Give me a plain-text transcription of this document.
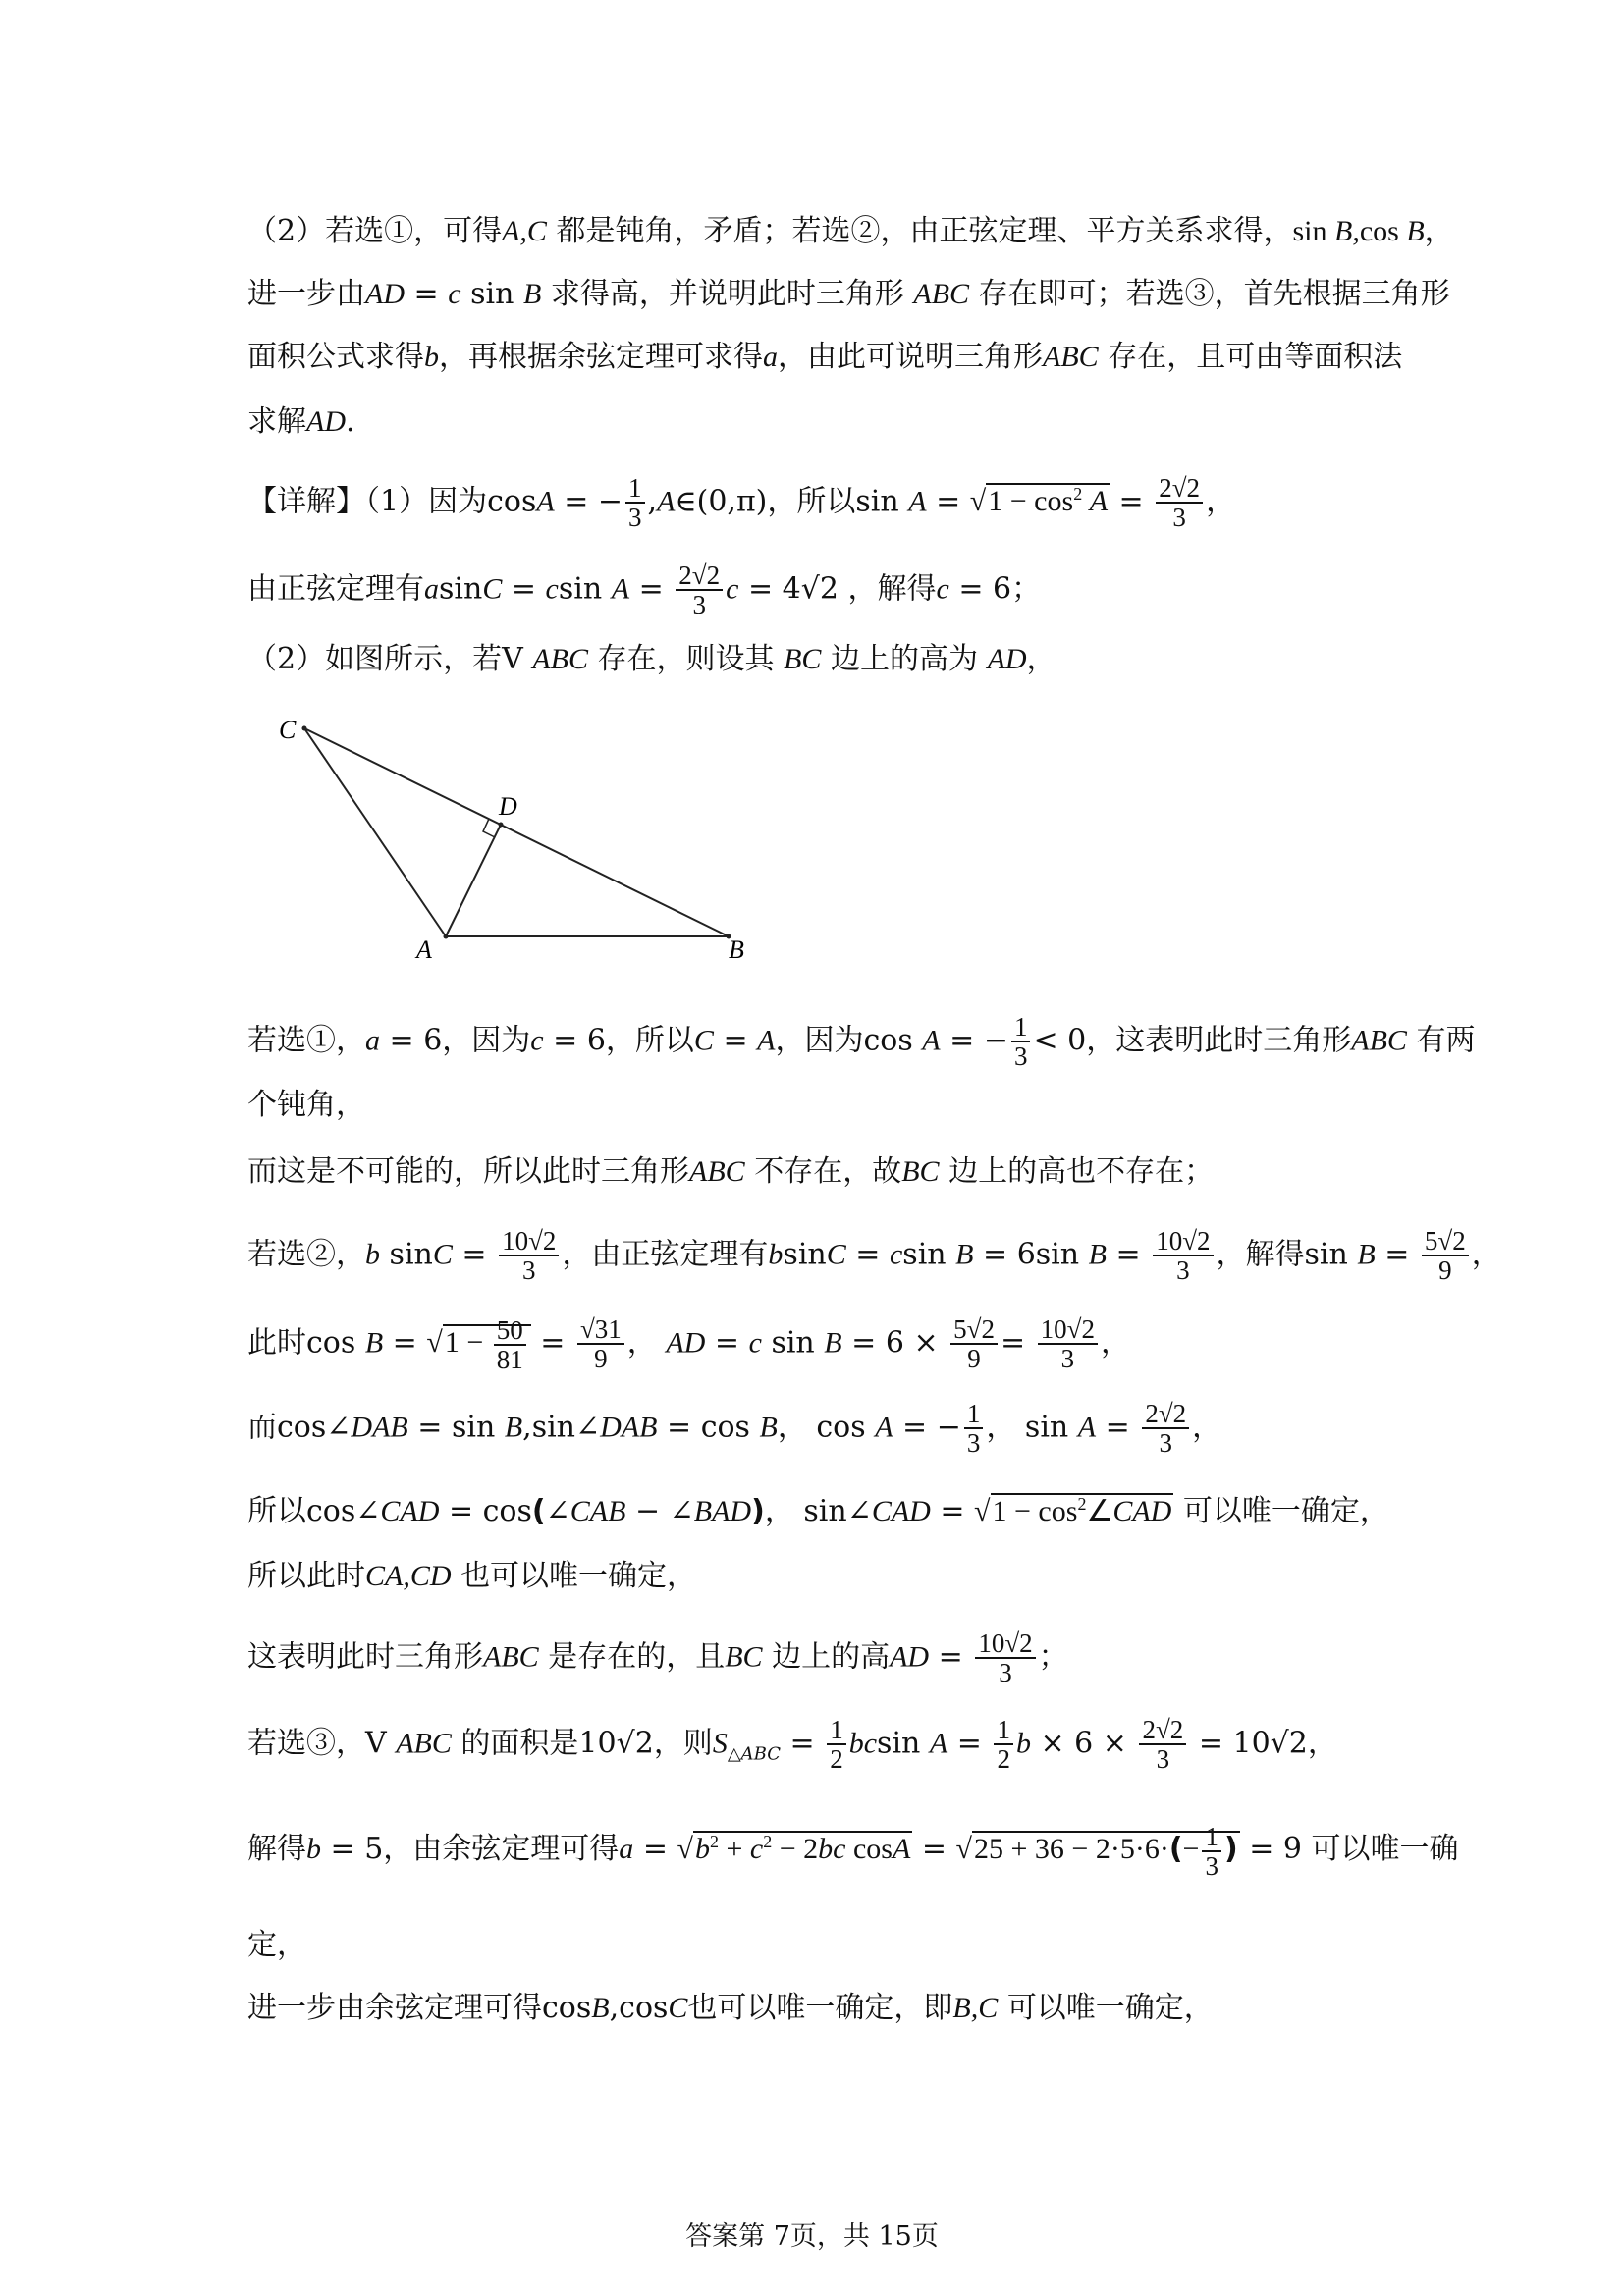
（2）若选①，可得A,C 都是钝角，矛盾；若选②，由正弦定理、平方关系求得，sin B,cos B，
进一步由AD = c sin B 求得高，并说明此时三角形 ABC 存在即可；若选③，首先根据三角形
面积公式求得b，再根据余弦定理可求得a，由此可说明三角形ABC 存在，且可由等面积法
求解AD.
【详解】（1）因为cosA = − $\frac{1}{3}$ ,A∈(0,π)，所以$\sin A = √1 - \cos^2 A = \frac{2√2}{3}$ ，
由正弦定理有asinC = csin $A = \frac{2√2}{3}$ c = 4√2 ，解得c = 6；
（2）如图所示，若V ABC 存在，则设其 BC 边上的高为 AD，
C
D
A	B
若选①，a = 6，因为c = 6，所以C = A，因为cos A = − $\frac{1}{3} < 0$，这表明此时三角形ABC 有两
个钝角，
而这是不可能的，所以此时三角形ABC 不存在，故BC 边上的高也不存在；
若选②，b $\sin C = \frac{10√2}{3}$ ，由正弦定理有bsinC = csin B = 6sin $B = \frac{10√2}{3}$ ，解得$\sin B = \frac{5√2}{9}$ ，
此时$\cos B = √1 - \frac{50}{81} = \frac{√31}{9}$ ， AD = c $\sin B = 6 \times \frac{5√2}{9} = \frac{10√2}{3}$ ，
而cos∠DAB = sin B,sin∠DAB = cos B， cos A = − $\frac{1}{3}$ ， $\sin A = \frac{2√2}{3}$ ，
所以cos∠CAD = cos(∠CAB − ∠BAD)， sin∠CAD = $√1 - \cos^2\angle CAD$ 可以唯一确定，
所以此时CA,CD 也可以唯一确定，
这表明此时三角形ABC 是存在的，且BC 边上的高AD = $\frac{10√2}{3}$ ；
若选③，V ABC 的面积是10√2，则$S_{\triangle ABC} = \frac{1}{2}$ bcsin $A = \frac{1}{2}$ $b \times 6 \times \frac{2√2}{3} = 10√2$，
解得b = 5，由余弦定理可得$a = √b^2 + c^2 - 2bc$ $\cos A = √25 + 36 - 2\cdot 5\cdot 6\cdot(- \frac{1}{3}$ ) = 9 可以唯一确
定，
进一步由余弦定理可得cosB,cosC也可以唯一确定，即B,C 可以唯一确定，
答案第 7页，共 15页
